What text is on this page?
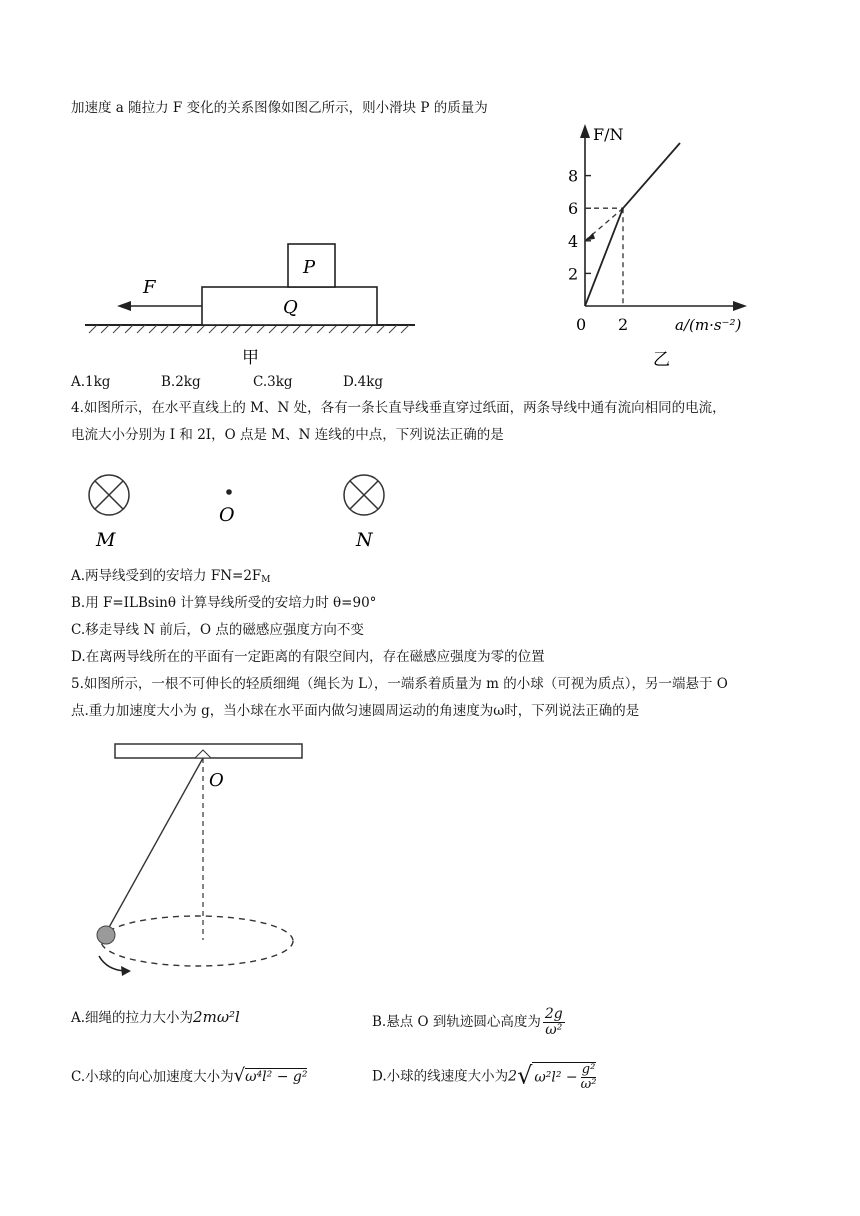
加速度 a 随拉力 F 变化的关系图像如图乙所示，则小滑块 P 的质量为
F
P
Q
甲
F/N
a/(m·s⁻²)
0
2
4
6
8
2
乙
A.1kg	B.2kg	C.3kg	D.4kg
4.如图所示，在水平直线上的 M、N 处，各有一条长直导线垂直穿过纸面，两条导线中通有流向相同的电流，
电流大小分别为 I 和 2I，O 点是 M、N 连线的中点，下列说法正确的是
M
O
N
A.两导线受到的安培力 $FN=2F_M$
B.用 F=ILBsinθ 计算导线所受的安培力时 θ=90°
C.移走导线 N 前后，O 点的磁感应强度方向不变
D.在离两导线所在的平面有一定距离的有限空间内，存在磁感应强度为零的位置
5.如图所示，一根不可伸长的轻质细绳（绳长为 L），一端系着质量为 m 的小球（可视为质点），另一端悬于 O
点.重力加速度大小为 g，当小球在水平面内做匀速圆周运动的角速度为ω时，下列说法正确的是
O
A.细绳的拉力大小为2mω²l	B.悬点 O 到轨迹圆心高度为 $\frac{2g}{\text{ω²}}$
C.小球的向心加速度大小为√ω⁴l² − g²	D.小球的线速度大小为2√ $\omega^2l^2 - \frac{\text{g²}}{\text{ω²}}$
